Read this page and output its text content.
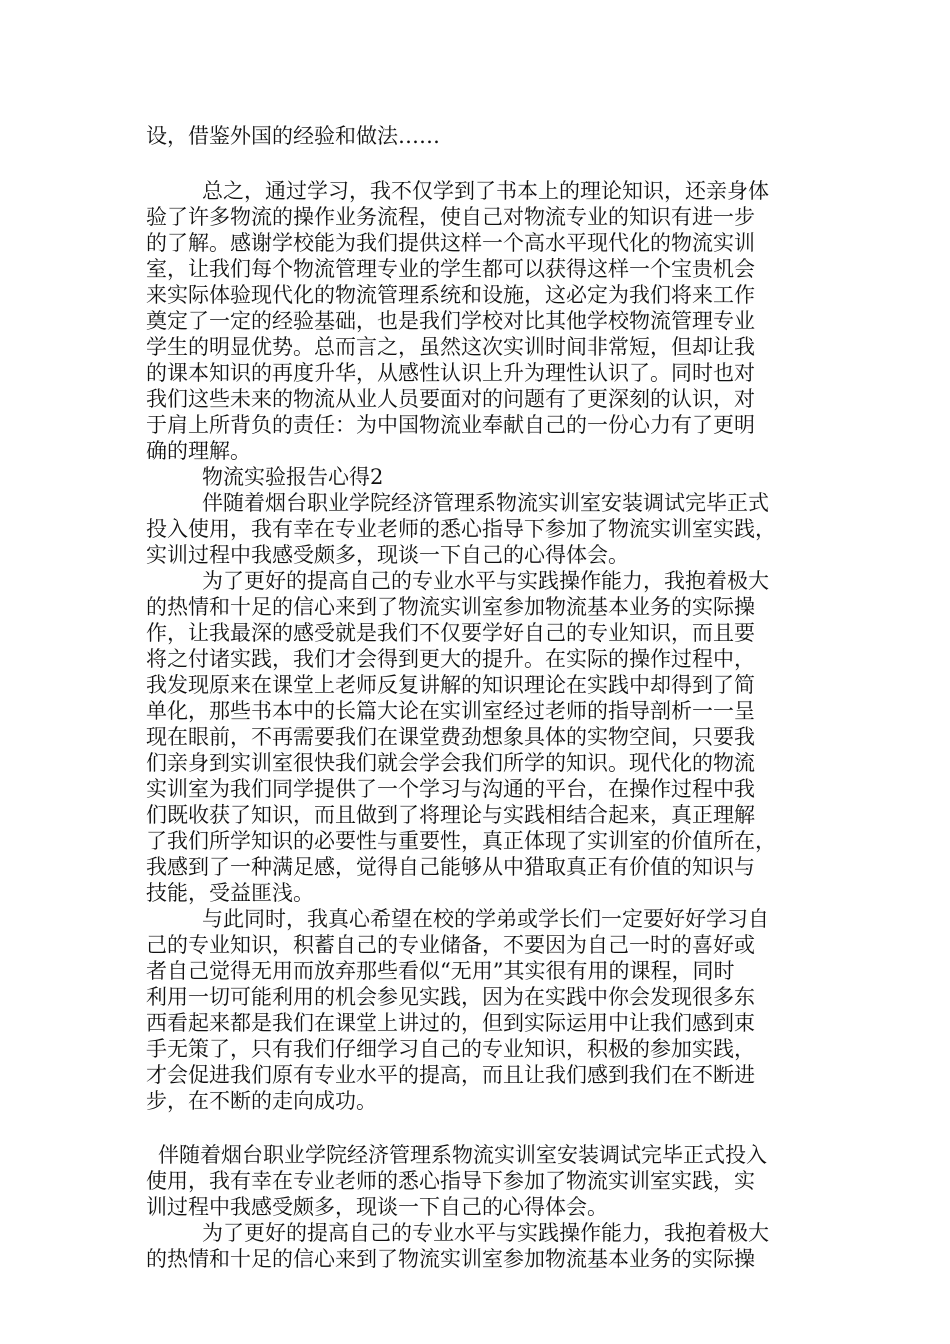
设，借鉴外国的经验和做法……
总之，通过学习，我不仅学到了书本上的理论知识，还亲身体
验了许多物流的操作业务流程，使自己对物流专业的知识有进一步
的了解。感谢学校能为我们提供这样一个高水平现代化的物流实训
室，让我们每个物流管理专业的学生都可以获得这样一个宝贵机会
来实际体验现代化的物流管理系统和设施，这必定为我们将来工作
奠定了一定的经验基础，也是我们学校对比其他学校物流管理专业
学生的明显优势。总而言之，虽然这次实训时间非常短，但却让我
的课本知识的再度升华，从感性认识上升为理性认识了。同时也对
我们这些未来的物流从业人员要面对的问题有了更深刻的认识，对
于肩上所背负的责任：为中国物流业奉献自己的一份心力有了更明
确的理解。
物流实验报告心得2
伴随着烟台职业学院经济管理系物流实训室安装调试完毕正式
投入使用，我有幸在专业老师的悉心指导下参加了物流实训室实践，
实训过程中我感受颇多，现谈一下自己的心得体会。
为了更好的提高自己的专业水平与实践操作能力，我抱着极大
的热情和十足的信心来到了物流实训室参加物流基本业务的实际操
作，让我最深的感受就是我们不仅要学好自己的专业知识，而且要
将之付诸实践，我们才会得到更大的提升。在实际的操作过程中，
我发现原来在课堂上老师反复讲解的知识理论在实践中却得到了简
单化，那些书本中的长篇大论在实训室经过老师的指导剖析一一呈
现在眼前，不再需要我们在课堂费劲想象具体的实物空间，只要我
们亲身到实训室很快我们就会学会我们所学的知识。现代化的物流
实训室为我们同学提供了一个学习与沟通的平台，在操作过程中我
们既收获了知识，而且做到了将理论与实践相结合起来，真正理解
了我们所学知识的必要性与重要性，真正体现了实训室的价值所在，
我感到了一种满足感，觉得自己能够从中猎取真正有价值的知识与
技能，受益匪浅。
与此同时，我真心希望在校的学弟或学长们一定要好好学习自
己的专业知识，积蓄自己的专业储备，不要因为自己一时的喜好或
者自己觉得无用而放弃那些看似“无用”其实很有用的课程，同时
利用一切可能利用的机会参见实践，因为在实践中你会发现很多东
西看起来都是我们在课堂上讲过的，但到实际运用中让我们感到束
手无策了，只有我们仔细学习自己的专业知识，积极的参加实践，
才会促进我们原有专业水平的提高，而且让我们感到我们在不断进
步，在不断的走向成功。
伴随着烟台职业学院经济管理系物流实训室安装调试完毕正式投入
使用，我有幸在专业老师的悉心指导下参加了物流实训室实践，实
训过程中我感受颇多，现谈一下自己的心得体会。
为了更好的提高自己的专业水平与实践操作能力，我抱着极大
的热情和十足的信心来到了物流实训室参加物流基本业务的实际操
